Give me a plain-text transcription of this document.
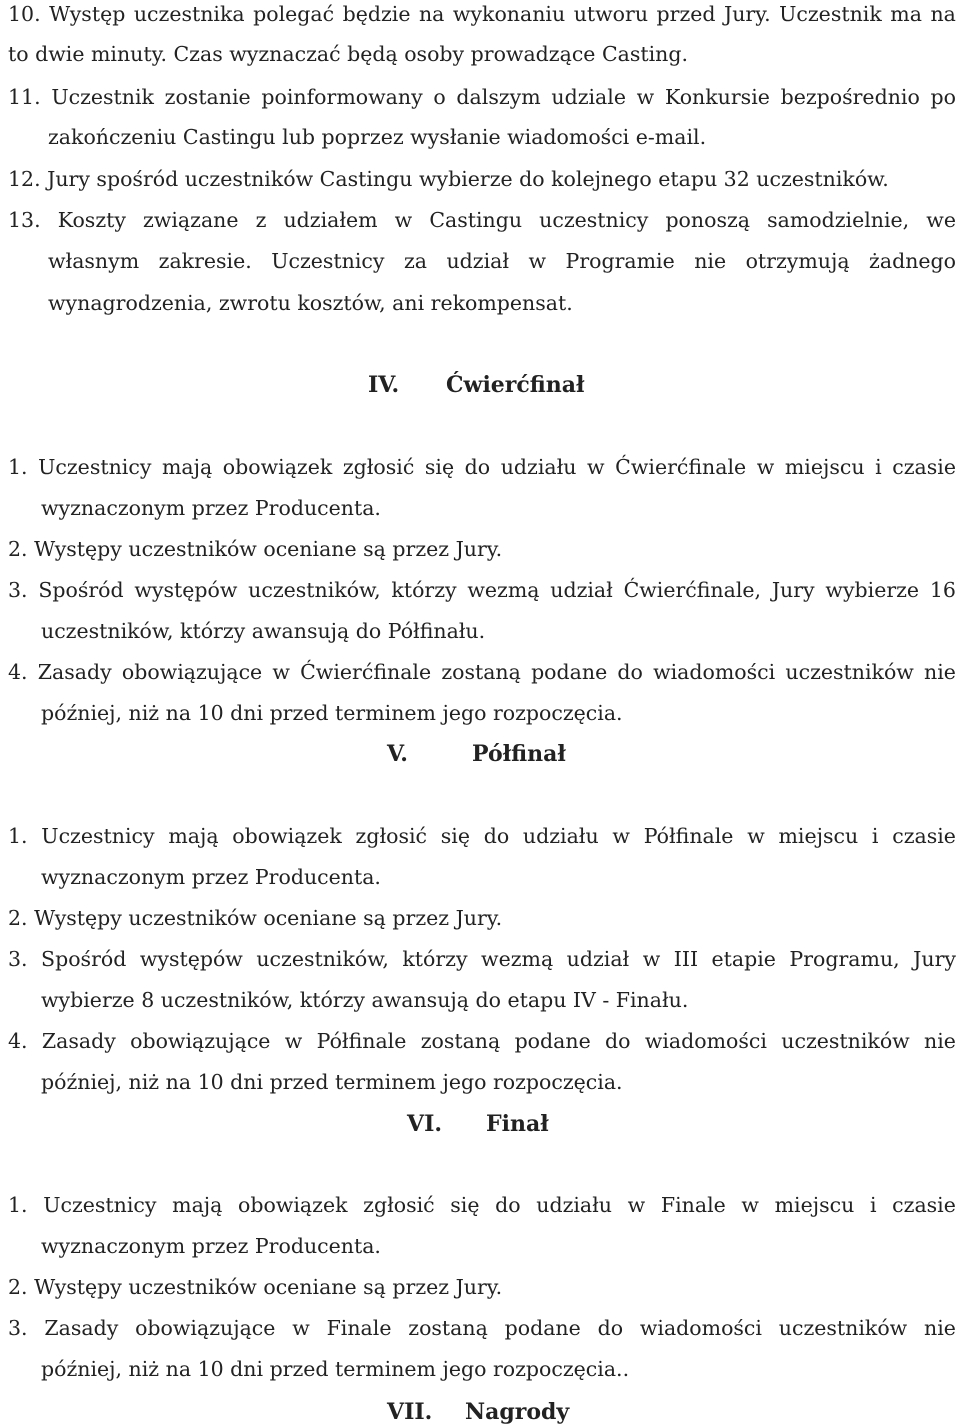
10. Występ uczestnika polegać będzie na wykonaniu utworu przed Jury. Uczestnik ma na
to dwie minuty. Czas wyznaczać będą osoby prowadzące Casting.
11. Uczestnik zostanie poinformowany o dalszym udziale w Konkursie bezpośrednio po
zakończeniu Castingu lub poprzez wysłanie wiadomości e-mail.
12. Jury spośród uczestników Castingu wybierze do kolejnego etapu 32 uczestników.
13. Koszty związane z udziałem w Castingu uczestnicy ponoszą samodzielnie, we
własnym zakresie. Uczestnicy za udział w Programie nie otrzymują żadnego
wynagrodzenia, zwrotu kosztów, ani rekompensat.
IV. Ćwierćfinał
1. Uczestnicy mają obowiązek zgłosić się do udziału w Ćwierćfinale w miejscu i czasie
wyznaczonym przez Producenta.
2. Występy uczestników oceniane są przez Jury.
3. Spośród występów uczestników, którzy wezmą udział Ćwierćfinale, Jury wybierze 16
uczestników, którzy awansują do Półfinału.
4. Zasady obowiązujące w Ćwierćfinale zostaną podane do wiadomości uczestników nie
później, niż na 10 dni przed terminem jego rozpoczęcia.
V.	Półfinał
1. Uczestnicy mają obowiązek zgłosić się do udziału w Półfinale w miejscu i czasie
wyznaczonym przez Producenta.
2. Występy uczestników oceniane są przez Jury.
3. Spośród występów uczestników, którzy wezmą udział w III etapie Programu, Jury
wybierze 8 uczestników, którzy awansują do etapu IV - Finału.
4. Zasady obowiązujące w Półfinale zostaną podane do wiadomości uczestników nie
później, niż na 10 dni przed terminem jego rozpoczęcia.
VI. Finał
1. Uczestnicy mają obowiązek zgłosić się do udziału w Finale w miejscu i czasie
wyznaczonym przez Producenta.
2. Występy uczestników oceniane są przez Jury.
3. Zasady obowiązujące w Finale zostaną podane do wiadomości uczestników nie
później, niż na 10 dni przed terminem jego rozpoczęcia..
VII. Nagrody
